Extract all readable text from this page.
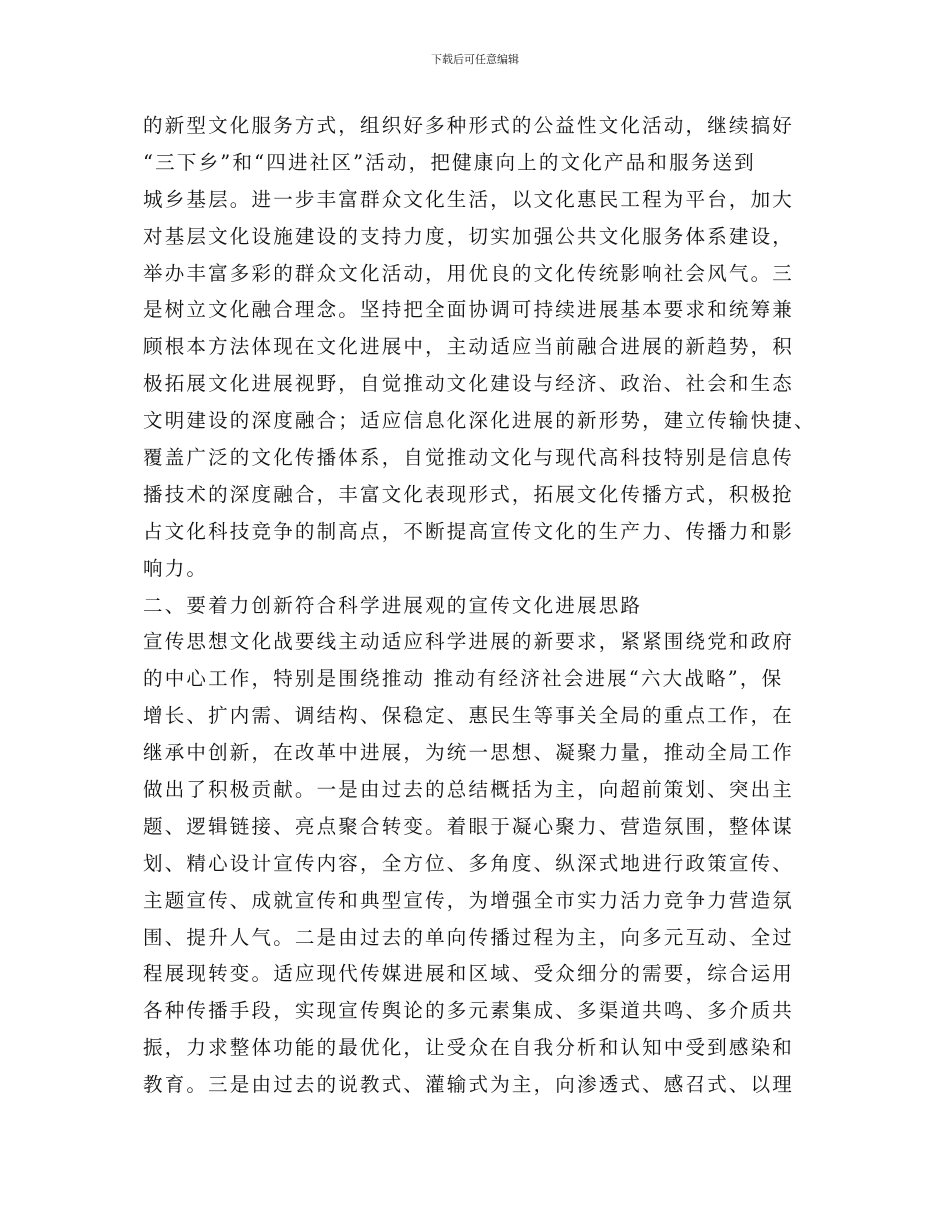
下载后可任意编辑
的新型文化服务方式，组织好多种形式的公益性文化活动，继续搞好
“三下乡”和“四进社区”活动，把健康向上的文化产品和服务送到
城乡基层。进一步丰富群众文化生活，以文化惠民工程为平台，加大
对基层文化设施建设的支持力度，切实加强公共文化服务体系建设，
举办丰富多彩的群众文化活动，用优良的文化传统影响社会风气。三
是树立文化融合理念。坚持把全面协调可持续进展基本要求和统筹兼
顾根本方法体现在文化进展中，主动适应当前融合进展的新趋势，积
极拓展文化进展视野，自觉推动文化建设与经济、政治、社会和生态
文明建设的深度融合；适应信息化深化进展的新形势，建立传输快捷、
覆盖广泛的文化传播体系，自觉推动文化与现代高科技特别是信息传
播技术的深度融合，丰富文化表现形式，拓展文化传播方式，积极抢
占文化科技竞争的制高点，不断提高宣传文化的生产力、传播力和影
响力。
二、要着力创新符合科学进展观的宣传文化进展思路
宣传思想文化战要线主动适应科学进展的新要求，紧紧围绕党和政府
的中心工作，特别是围绕推动 推动有经济社会进展“六大战略”，保
增长、扩内需、调结构、保稳定、惠民生等事关全局的重点工作，在
继承中创新，在改革中进展，为统一思想、凝聚力量，推动全局工作
做出了积极贡献。一是由过去的总结概括为主，向超前策划、突出主
题、逻辑链接、亮点聚合转变。着眼于凝心聚力、营造氛围，整体谋
划、精心设计宣传内容，全方位、多角度、纵深式地进行政策宣传、
主题宣传、成就宣传和典型宣传，为增强全市实力活力竞争力营造氛
围、提升人气。二是由过去的单向传播过程为主，向多元互动、全过
程展现转变。适应现代传媒进展和区域、受众细分的需要，综合运用
各种传播手段，实现宣传舆论的多元素集成、多渠道共鸣、多介质共
振，力求整体功能的最优化，让受众在自我分析和认知中受到感染和
教育。三是由过去的说教式、灌输式为主，向渗透式、感召式、以理
